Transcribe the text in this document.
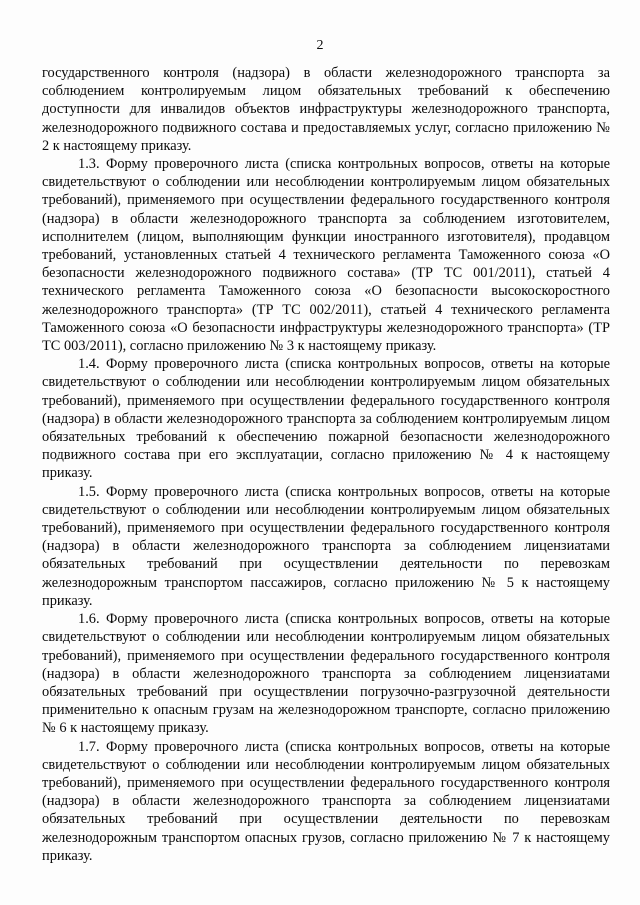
2

государственного контроля (надзора) в области железнодорожного транспорта за соблюдением контролируемым лицом обязательных требований к обеспечению доступности для инвалидов объектов инфраструктуры железнодорожного транспорта, железнодорожного подвижного состава и предоставляемых услуг, согласно приложению № 2 к настоящему приказу.

1.3. Форму проверочного листа (списка контрольных вопросов, ответы на которые свидетельствуют о соблюдении или несоблюдении контролируемым лицом обязательных требований), применяемого при осуществлении федерального государственного контроля (надзора) в области железнодорожного транспорта за соблюдением изготовителем, исполнителем (лицом, выполняющим функции иностранного изготовителя), продавцом требований, установленных статьей 4 технического регламента Таможенного союза «О безопасности железнодорожного подвижного состава» (ТР ТС 001/2011), статьей 4 технического регламента Таможенного союза «О безопасности высокоскоростного железнодорожного транспорта» (ТР ТС 002/2011), статьей 4 технического регламента Таможенного союза «О безопасности инфраструктуры железнодорожного транспорта» (ТР ТС 003/2011), согласно приложению № 3 к настоящему приказу.

1.4. Форму проверочного листа (списка контрольных вопросов, ответы на которые свидетельствуют о соблюдении или несоблюдении контролируемым лицом обязательных требований), применяемого при осуществлении федерального государственного контроля (надзора) в области железнодорожного транспорта за соблюдением контролируемым лицом обязательных требований к обеспечению пожарной безопасности железнодорожного подвижного состава при его эксплуатации, согласно приложению № 4 к настоящему приказу.

1.5. Форму проверочного листа (списка контрольных вопросов, ответы на которые свидетельствуют о соблюдении или несоблюдении контролируемым лицом обязательных требований), применяемого при осуществлении федерального государственного контроля (надзора) в области железнодорожного транспорта за соблюдением лицензиатами обязательных требований при осуществлении деятельности по перевозкам железнодорожным транспортом пассажиров, согласно приложению № 5 к настоящему приказу.

1.6. Форму проверочного листа (списка контрольных вопросов, ответы на которые свидетельствуют о соблюдении или несоблюдении контролируемым лицом обязательных требований), применяемого при осуществлении федерального государственного контроля (надзора) в области железнодорожного транспорта за соблюдением лицензиатами обязательных требований при осуществлении погрузочно-разгрузочной деятельности применительно к опасным грузам на железнодорожном транспорте, согласно приложению № 6 к настоящему приказу.

1.7. Форму проверочного листа (списка контрольных вопросов, ответы на которые свидетельствуют о соблюдении или несоблюдении контролируемым лицом обязательных требований), применяемого при осуществлении федерального государственного контроля (надзора) в области железнодорожного транспорта за соблюдением лицензиатами обязательных требований при осуществлении деятельности по перевозкам железнодорожным транспортом опасных грузов, согласно приложению № 7 к настоящему приказу.
